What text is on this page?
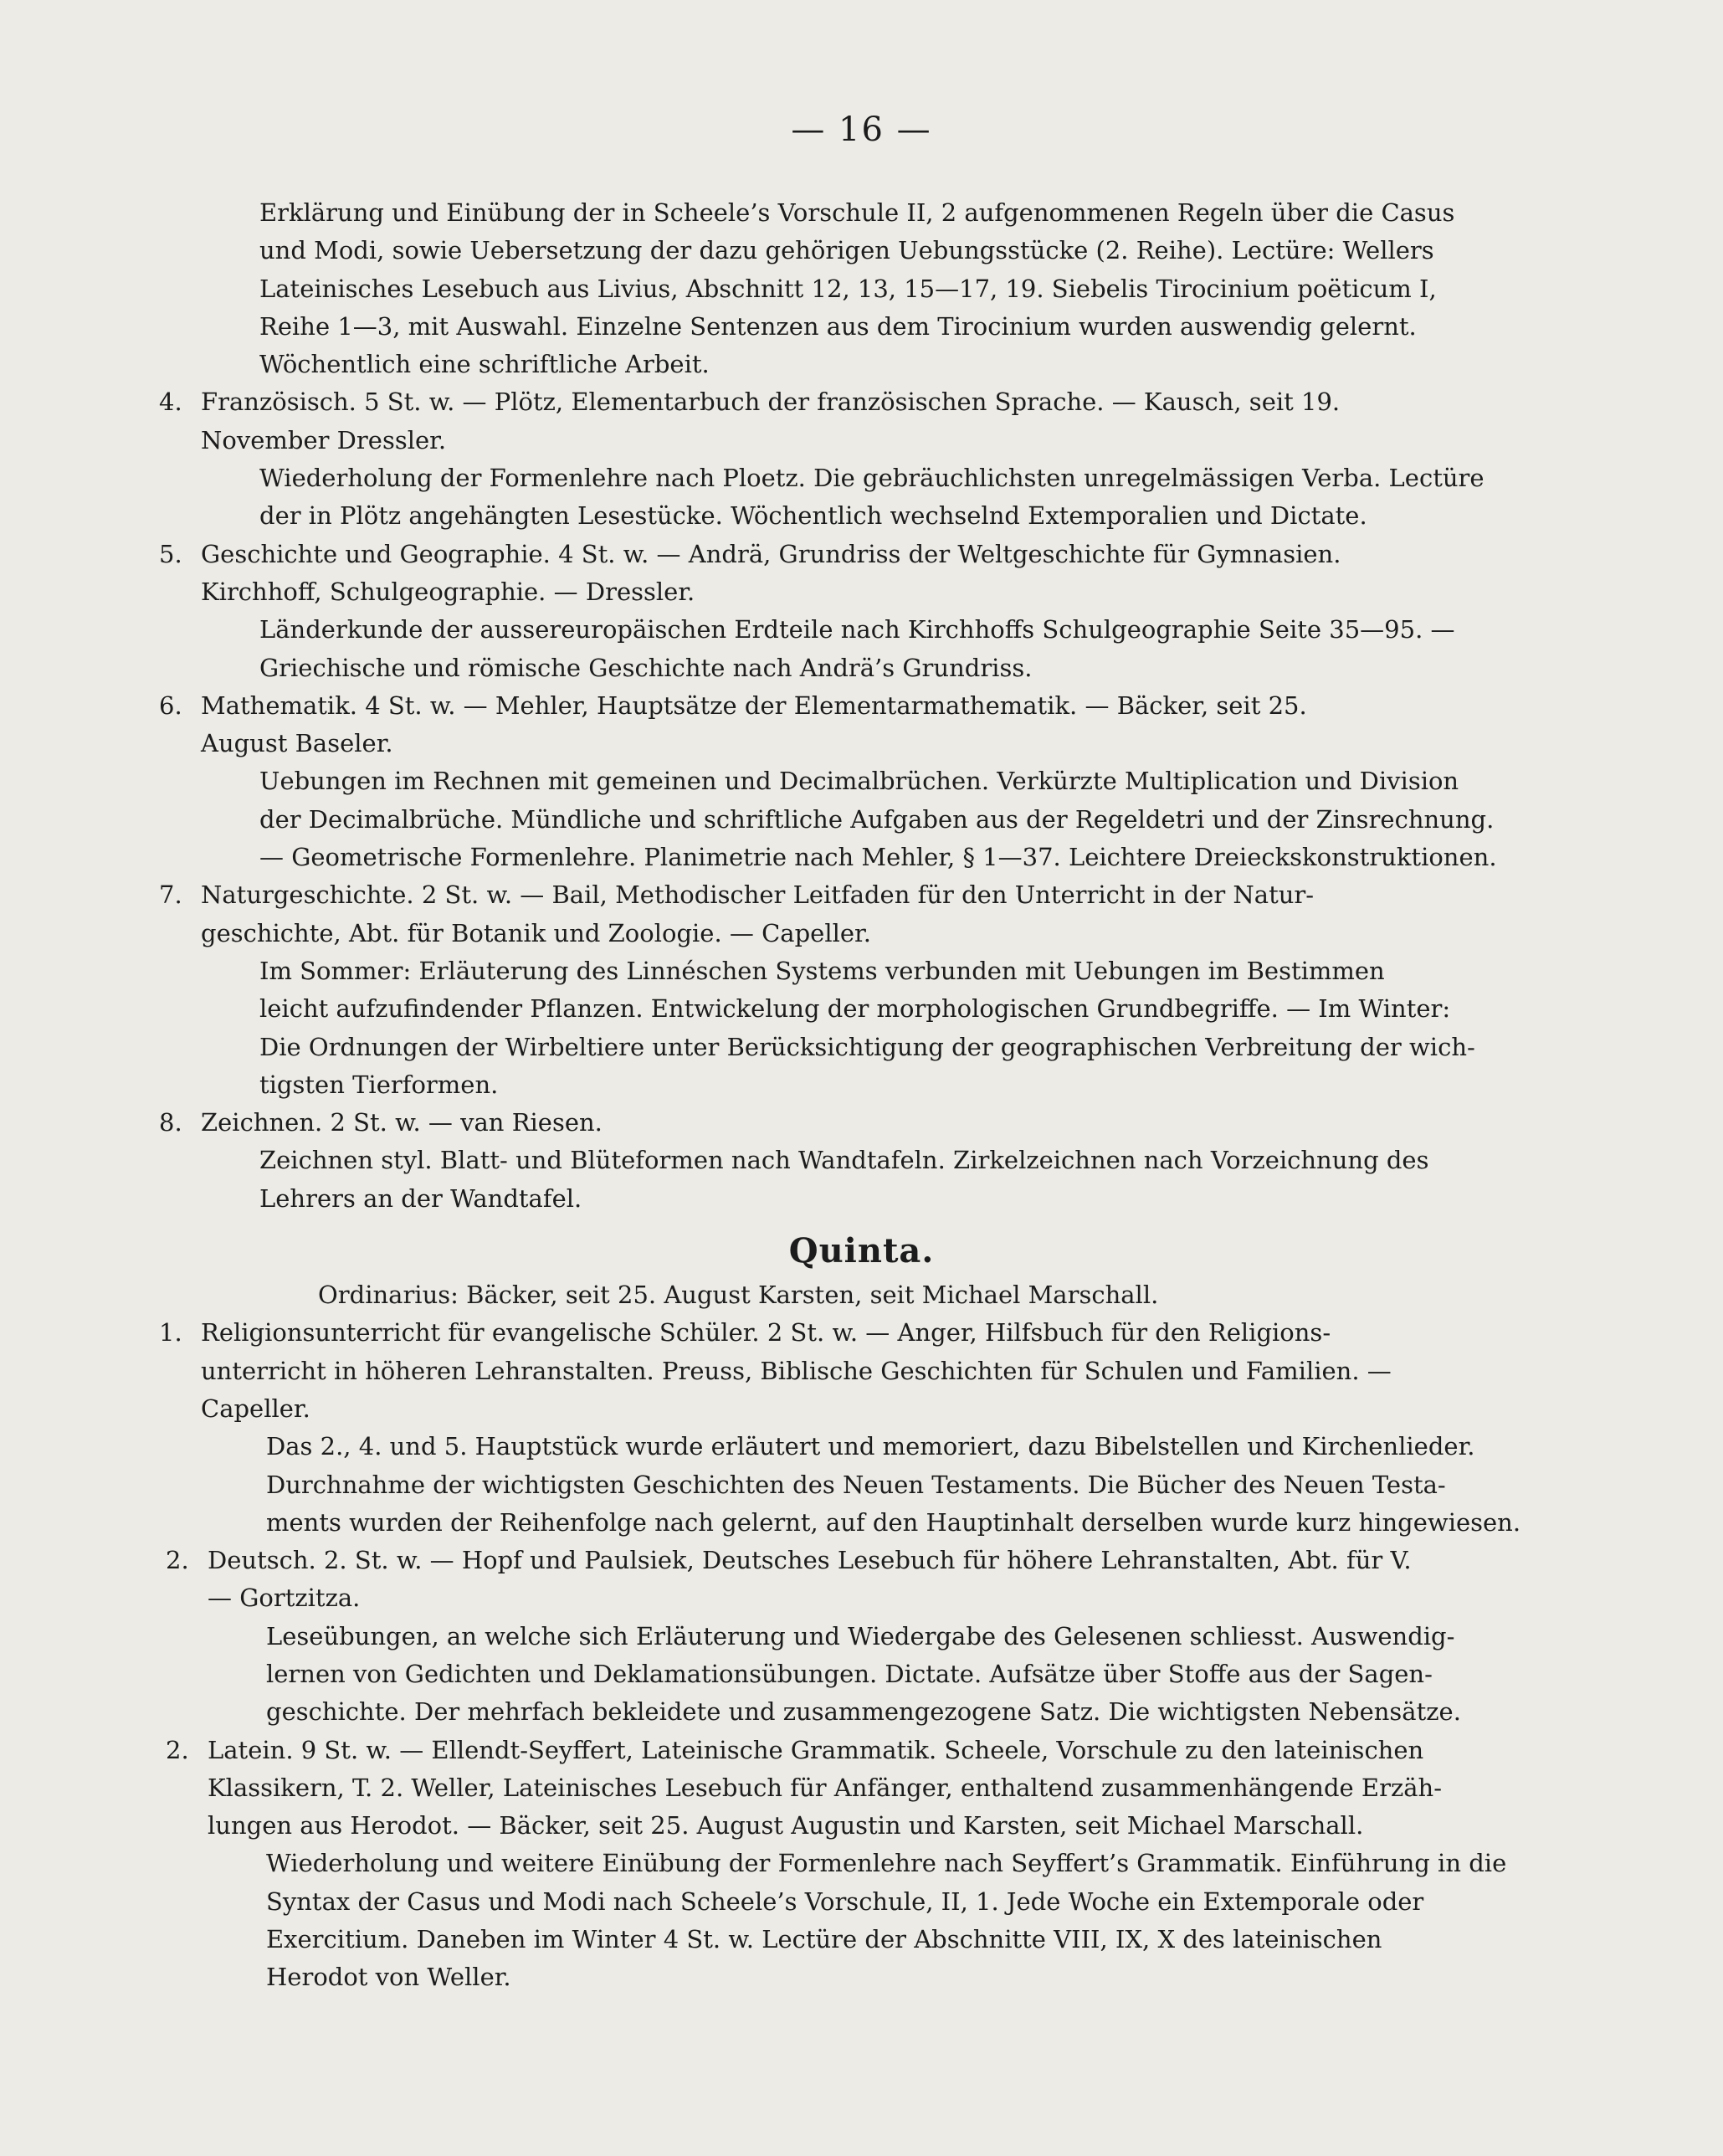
— 16 —
Erklärung und Einübung der in Scheele’s Vorschule II, 2 aufgenommenen Regeln über die Casus
und Modi, sowie Uebersetzung der dazu gehörigen Uebungsstücke (2. Reihe). Lectüre: Wellers
Lateinisches Lesebuch aus Livius, Abschnitt 12, 13, 15—17, 19. Siebelis Tirocinium poëticum I,
Reihe 1—3, mit Auswahl. Einzelne Sentenzen aus dem Tirocinium wurden auswendig gelernt.
Wöchentlich eine schriftliche Arbeit.
4. Französisch. 5 St. w. — Plötz, Elementarbuch der französischen Sprache. — Kausch, seit 19.
November Dressler.
Wiederholung der Formenlehre nach Ploetz. Die gebräuchlichsten unregelmässigen Verba. Lectüre
der in Plötz angehängten Lesestücke. Wöchentlich wechselnd Extemporalien und Dictate.
5. Geschichte und Geographie. 4 St. w. — Andrä, Grundriss der Weltgeschichte für Gymnasien.
Kirchhoff, Schulgeographie. — Dressler.
Länderkunde der aussereuropäischen Erdteile nach Kirchhoffs Schulgeographie Seite 35—95. —
Griechische und römische Geschichte nach Andrä’s Grundriss.
6. Mathematik. 4 St. w. — Mehler, Hauptsätze der Elementarmathematik. — Bäcker, seit 25.
August Baseler.
Uebungen im Rechnen mit gemeinen und Decimalbrüchen. Verkürzte Multiplication und Division
der Decimalbrüche. Mündliche und schriftliche Aufgaben aus der Regeldetri und der Zinsrechnung.
— Geometrische Formenlehre. Planimetrie nach Mehler, § 1—37. Leichtere Dreieckskonstruktionen.
7. Naturgeschichte. 2 St. w. — Bail, Methodischer Leitfaden für den Unterricht in der Natur-
geschichte, Abt. für Botanik und Zoologie. — Capeller.
Im Sommer: Erläuterung des Linnéschen Systems verbunden mit Uebungen im Bestimmen
leicht aufzufindender Pflanzen. Entwickelung der morphologischen Grundbegriffe. — Im Winter:
Die Ordnungen der Wirbeltiere unter Berücksichtigung der geographischen Verbreitung der wich-
tigsten Tierformen.
8. Zeichnen. 2 St. w. — van Riesen.
Zeichnen styl. Blatt- und Blüteformen nach Wandtafeln. Zirkelzeichnen nach Vorzeichnung des
Lehrers an der Wandtafel.
Quinta.

Ordinarius: Bäcker, seit 25. August Karsten, seit Michael Marschall.

1. Religionsunterricht für evangelische Schüler. 2 St. w. — Anger, Hilfsbuch für den Religions-
unterricht in höheren Lehranstalten. Preuss, Biblische Geschichten für Schulen und Familien. —
Capeller.
Das 2., 4. und 5. Hauptstück wurde erläutert und memoriert, dazu Bibelstellen und Kirchenlieder.
Durchnahme der wichtigsten Geschichten des Neuen Testaments. Die Bücher des Neuen Testa-
ments wurden der Reihenfolge nach gelernt, auf den Hauptinhalt derselben wurde kurz hingewiesen.
2. Deutsch. 2. St. w. — Hopf und Paulsiek, Deutsches Lesebuch für höhere Lehranstalten, Abt. für V.
— Gortzitza.
Leseübungen, an welche sich Erläuterung und Wiedergabe des Gelesenen schliesst. Auswendig-
lernen von Gedichten und Deklamationsübungen. Dictate. Aufsätze über Stoffe aus der Sagen-
geschichte. Der mehrfach bekleidete und zusammengezogene Satz. Die wichtigsten Nebensätze.
2. Latein. 9 St. w. — Ellendt-Seyffert, Lateinische Grammatik. Scheele, Vorschule zu den lateinischen
Klassikern, T. 2. Weller, Lateinisches Lesebuch für Anfänger, enthaltend zusammenhängende Erzäh-
lungen aus Herodot. — Bäcker, seit 25. August Augustin und Karsten, seit Michael Marschall.
Wiederholung und weitere Einübung der Formenlehre nach Seyffert’s Grammatik. Einführung in die
Syntax der Casus und Modi nach Scheele’s Vorschule, II, 1. Jede Woche ein Extemporale oder
Exercitium. Daneben im Winter 4 St. w. Lectüre der Abschnitte VIII, IX, X des lateinischen
Herodot von Weller.
